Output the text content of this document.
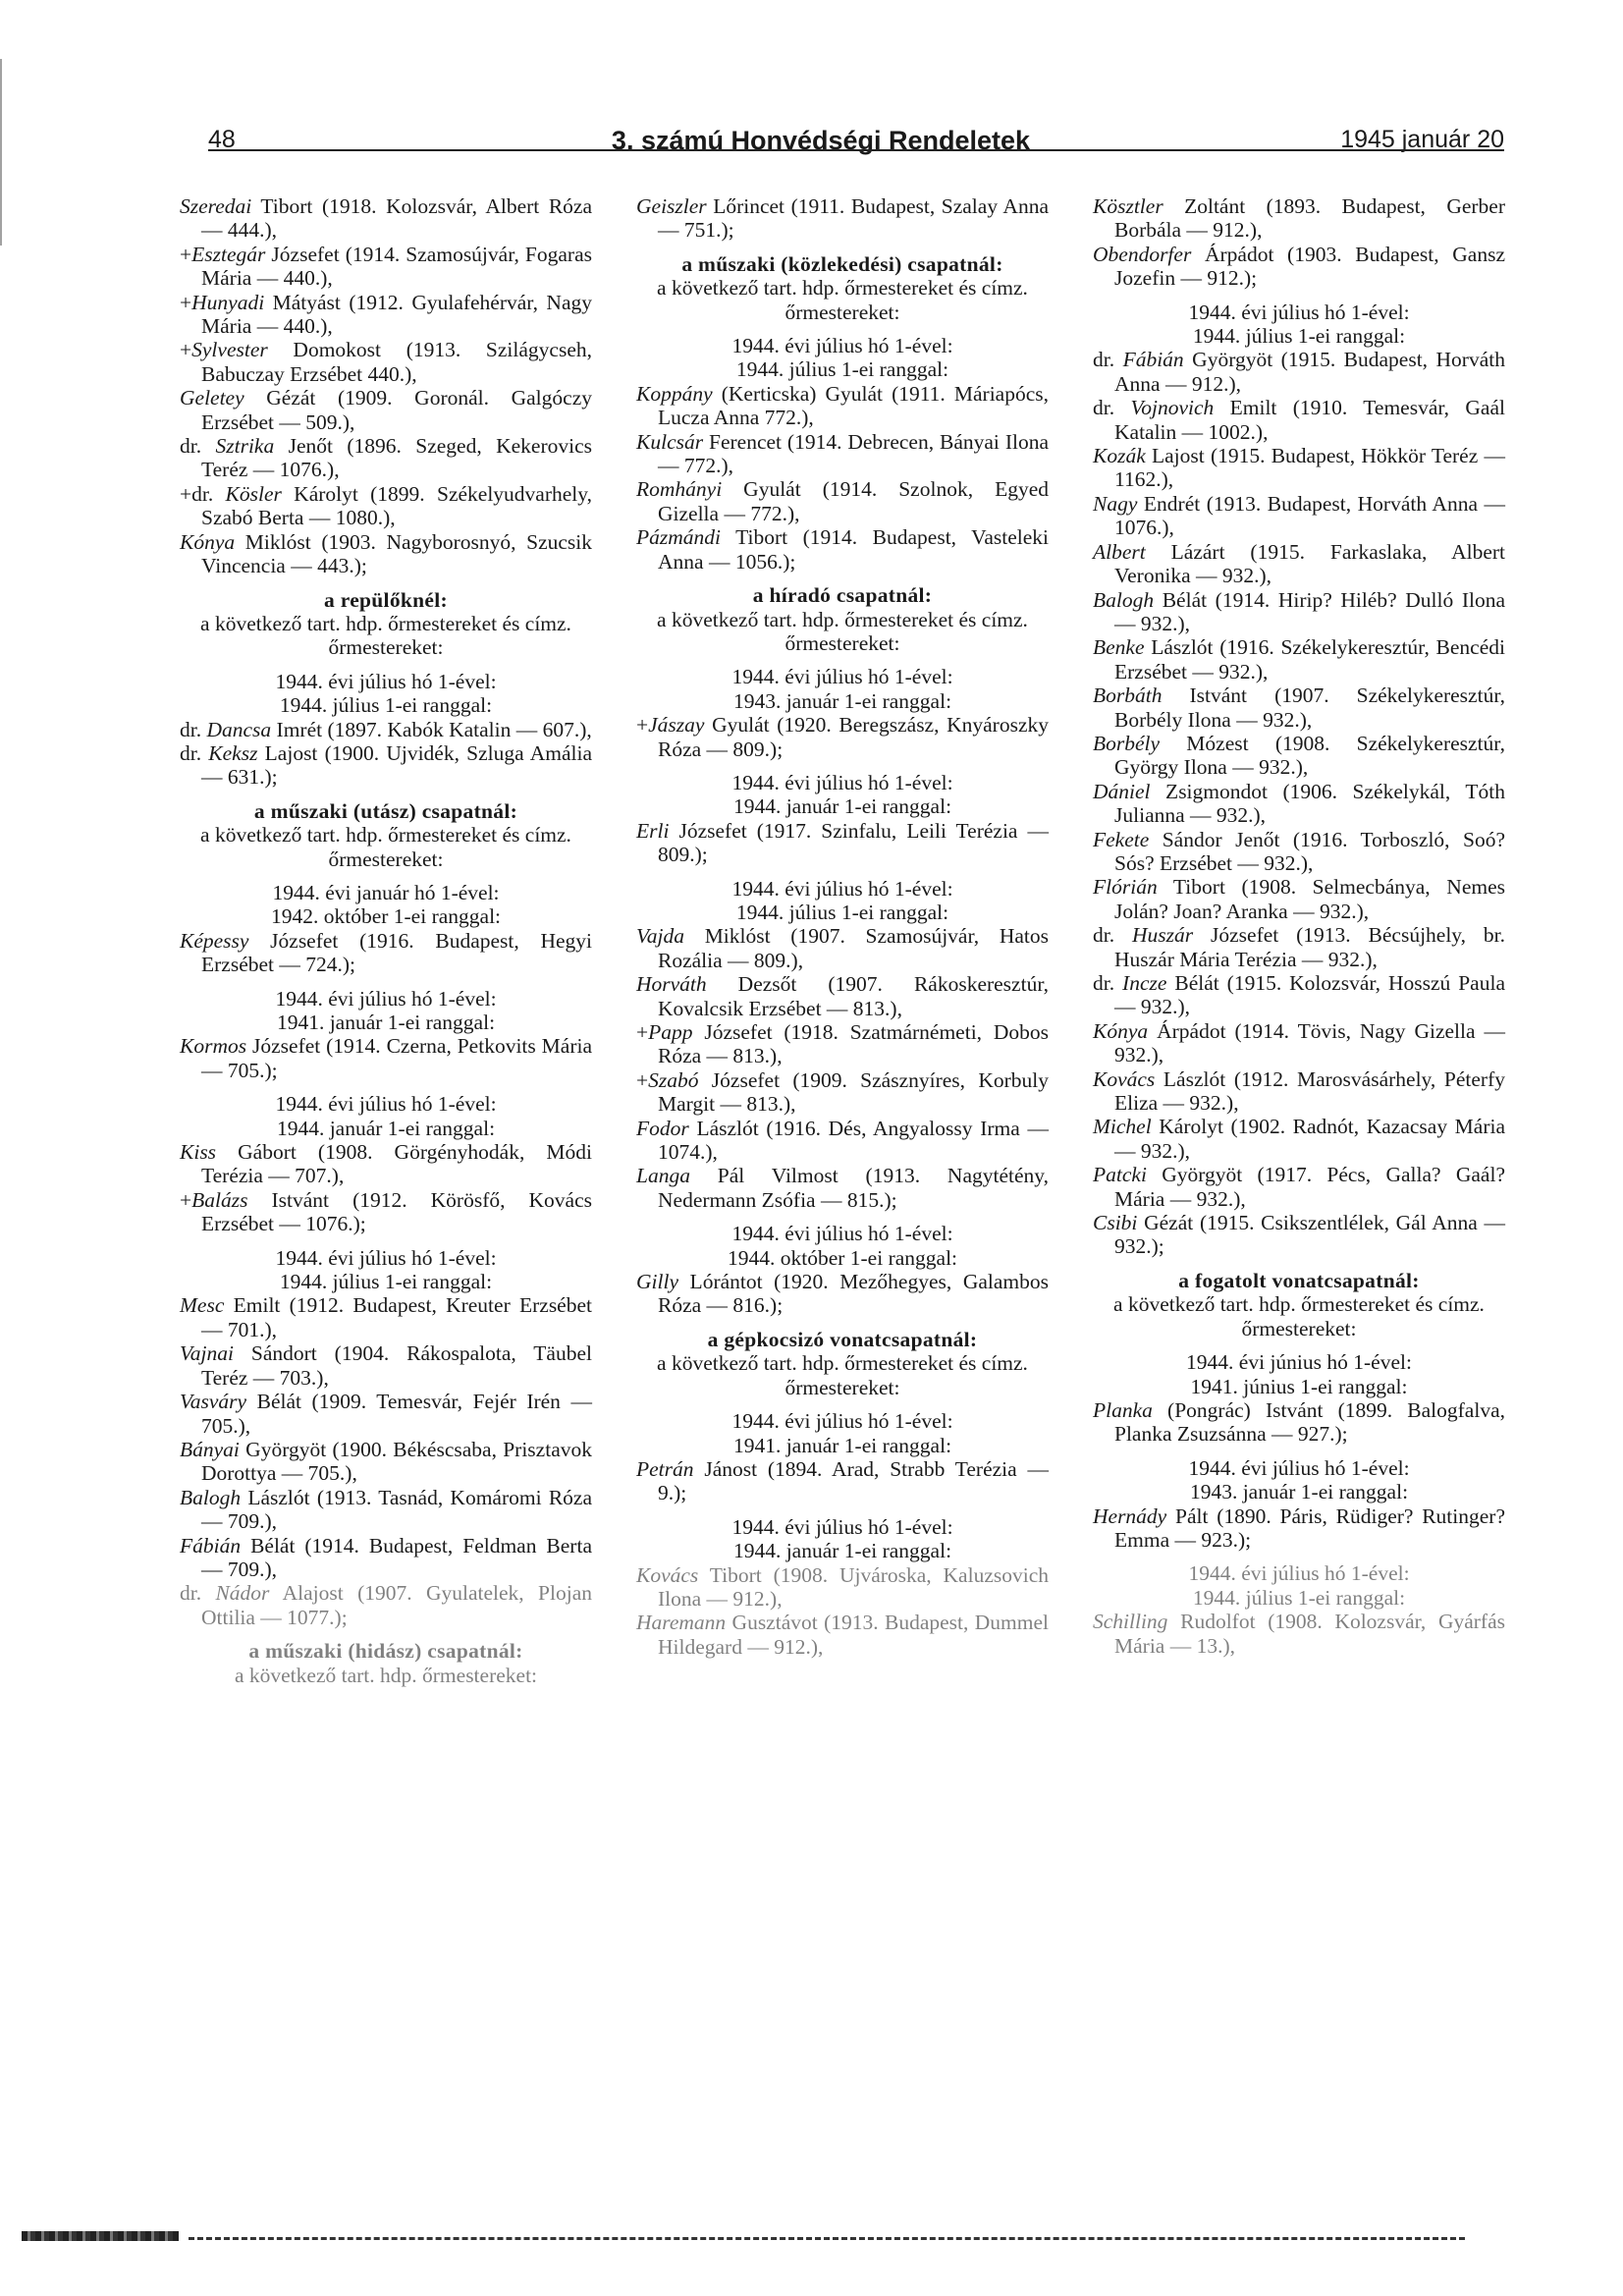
48	3. számú Honvédségi Rendeletek	1945 január 20

Szeredai Tibort (1918. Kolozsvár, Albert Róza — 444.),

+Esztegár Józsefet (1914. Szamosújvár, Fogaras Mária — 440.),

+Hunyadi Mátyást (1912. Gyulafehérvár, Nagy Mária — 440.),

+Sylvester Domokost (1913. Szilágycseh, Babuczay Erzsébet 440.),

Geletey Gézát (1909. Goronál. Galgóczy Erzsébet — 509.),

dr. Sztrika Jenőt (1896. Szeged, Kekerovics Teréz — 1076.),

+dr. Kösler Károlyt (1899. Székelyudvarhely, Szabó Berta — 1080.),

Kónya Miklóst (1903. Nagyborosnyó, Szucsik Vincencia — 443.);

a repülőknél:

a következő tart. hdp. őrmestereket és címz. őrmestereket:

1944. évi július hó 1-ével:

1944. július 1-ei ranggal:

dr. Dancsa Imrét (1897. Kabók Katalin — 607.),

dr. Keksz Lajost (1900. Ujvidék, Szluga Amália — 631.);

a műszaki (utász) csapatnál:

a következő tart. hdp. őrmestereket és címz. őrmestereket:

1944. évi január hó 1-ével:

1942. október 1-ei ranggal:

Képessy Józsefet (1916. Budapest, Hegyi Erzsébet — 724.);

1944. évi július hó 1-ével:

1941. január 1-ei ranggal:

Kormos Józsefet (1914. Czerna, Petkovits Mária — 705.);

1944. évi július hó 1-ével:

1944. január 1-ei ranggal:

Kiss Gábort (1908. Görgényhodák, Módi Terézia — 707.),

+Balázs Istvánt (1912. Körösfő, Kovács Erzsébet — 1076.);

1944. évi július hó 1-ével:

1944. július 1-ei ranggal:

Mesc Emilt (1912. Budapest, Kreuter Erzsébet — 701.),

Vajnai Sándort (1904. Rákospalota, Täubel Teréz — 703.),

Vasváry Bélát (1909. Temesvár, Fejér Irén — 705.),

Bányai Györgyöt (1900. Békéscsaba, Prisztavok Dorottya — 705.),

Balogh Lászlót (1913. Tasnád, Komáromi Róza — 709.),

Fábián Bélát (1914. Budapest, Feldman Berta — 709.),

dr. Nádor Alajost (1907. Gyulatelek, Plojan Ottilia — 1077.);

a műszaki (hidász) csapatnál:

a következő tart. hdp. őrmestereket:

Geiszler Lőrincet (1911. Budapest, Szalay Anna — 751.);

a műszaki (közlekedési) csapatnál:

a következő tart. hdp. őrmestereket és címz. őrmestereket:

1944. évi július hó 1-ével:

1944. július 1-ei ranggal:

Koppány (Kerticska) Gyulát (1911. Máriapócs, Lucza Anna 772.),

Kulcsár Ferencet (1914. Debrecen, Bányai Ilona — 772.),

Romhányi Gyulát (1914. Szolnok, Egyed Gizella — 772.),

Pázmándi Tibort (1914. Budapest, Vasteleki Anna — 1056.);

a híradó csapatnál:

a következő tart. hdp. őrmestereket és címz. őrmestereket:

1944. évi július hó 1-ével:

1943. január 1-ei ranggal:

+Jászay Gyulát (1920. Beregszász, Knyároszky Róza — 809.);

1944. évi július hó 1-ével:

1944. január 1-ei ranggal:

Erli Józsefet (1917. Szinfalu, Leili Terézia — 809.);

1944. évi július hó 1-ével:

1944. július 1-ei ranggal:

Vajda Miklóst (1907. Szamosújvár, Hatos Rozália — 809.),

Horváth Dezsőt (1907. Rákoskeresztúr, Kovalcsik Erzsébet — 813.),

+Papp Józsefet (1918. Szatmárnémeti, Dobos Róza — 813.),

+Szabó Józsefet (1909. Szásznyíres, Korbuly Margit — 813.),

Fodor Lászlót (1916. Dés, Angyalossy Irma — 1074.),

Langa Pál Vilmost (1913. Nagytétény, Nedermann Zsófia — 815.);

1944. évi július hó 1-ével:

1944. október 1-ei ranggal:

Gilly Lórántot (1920. Mezőhegyes, Galambos Róza — 816.);

a gépkocsizó vonatcsapatnál:

a következő tart. hdp. őrmestereket és címz. őrmestereket:

1944. évi július hó 1-ével:

1941. január 1-ei ranggal:

Petrán Jánost (1894. Arad, Strabb Terézia — 9.);

1944. évi július hó 1-ével:

1944. január 1-ei ranggal:

Kovács Tibort (1908. Ujvároska, Kaluzsovich Ilona — 912.),

Haremann Gusztávot (1913. Budapest, Dummel Hildegard — 912.),

Kösztler Zoltánt (1893. Budapest, Gerber Borbála — 912.),

Obendorfer Árpádot (1903. Budapest, Gansz Jozefin — 912.);

1944. évi július hó 1-ével:

1944. július 1-ei ranggal:

dr. Fábián Györgyöt (1915. Budapest, Horváth Anna — 912.),

dr. Vojnovich Emilt (1910. Temesvár, Gaál Katalin — 1002.),

Kozák Lajost (1915. Budapest, Hökkör Teréz — 1162.),

Nagy Endrét (1913. Budapest, Horváth Anna — 1076.),

Albert Lázárt (1915. Farkaslaka, Albert Veronika — 932.),

Balogh Bélát (1914. Hirip? Hiléb? Dulló Ilona — 932.),

Benke Lászlót (1916. Székelykeresztúr, Bencédi Erzsébet — 932.),

Borbáth Istvánt (1907. Székelykeresztúr, Borbély Ilona — 932.),

Borbély Mózest (1908. Székelykeresztúr, György Ilona — 932.),

Dániel Zsigmondot (1906. Székelykál, Tóth Julianna — 932.),

Fekete Sándor Jenőt (1916. Torboszló, Soó? Sós? Erzsébet — 932.),

Flórián Tibort (1908. Selmecbánya, Nemes Jolán? Joan? Aranka — 932.),

dr. Huszár Józsefet (1913. Bécsújhely, br. Huszár Mária Terézia — 932.),

dr. Incze Bélát (1915. Kolozsvár, Hosszú Paula — 932.),

Kónya Árpádot (1914. Tövis, Nagy Gizella — 932.),

Kovács Lászlót (1912. Marosvásárhely, Péterfy Eliza — 932.),

Michel Károlyt (1902. Radnót, Kazacsay Mária — 932.),

Patcki Györgyöt (1917. Pécs, Galla? Gaál? Mária — 932.),

Csibi Gézát (1915. Csikszentlélek, Gál Anna — 932.);

a fogatolt vonatcsapatnál:

a következő tart. hdp. őrmestereket és címz. őrmestereket:

1944. évi június hó 1-ével:

1941. június 1-ei ranggal:

Planka (Pongrác) Istvánt (1899. Balogfalva, Planka Zsuzsánna — 927.);

1944. évi július hó 1-ével:

1943. január 1-ei ranggal:

Hernády Pált (1890. Páris, Rüdiger? Rutinger? Emma — 923.);

1944. évi július hó 1-ével:

1944. július 1-ei ranggal:

Schilling Rudolfot (1908. Kolozsvár, Gyárfás Mária — 13.),
